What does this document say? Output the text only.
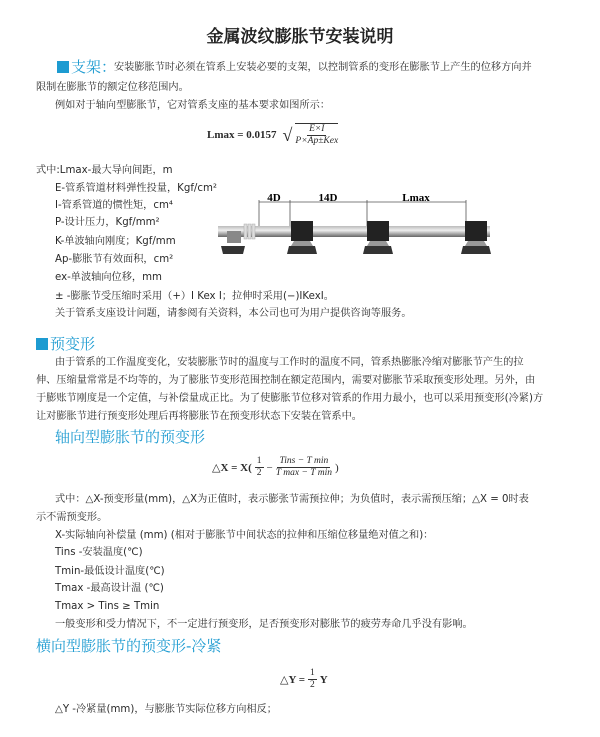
金属波纹膨胀节安装说明
支架：
安装膨胀节时必须在管系上安装必要的支架，以控制管系的变形在膨胀节上产生的位移方向并
限制在膨胀节的额定位移范围内。
例如对于轴向型膨胀节，它对管系支座的基本要求如图所示：
Lmax = 0.0157 √ $\frac{E\times I}{\text{P×Ap±Kex}}$
式中:Lmax-最大导向间距，m
E-管系管道材料弹性投量，Kgf/cm²
I-管系管道的惯性矩，cm⁴
P-设计压力，Kgf/mm²
K-单波轴向刚度；Kgf/mm
Ap-膨胀节有效面积，cm²
ex-单波轴向位移，mm
± -膨胀节受压缩时采用（+）I Kex I；拉伸时采用(−)IKexI。
关于管系支座设计问题，请参阅有关资料，本公司也可为用户提供咨询等服务。
4D	14D	Lmax
预变形
由于管系的工作温度变化，安装膨胀节时的温度与工作时的温度不同，管系热膨胀冷缩对膨胀节产生的拉
伸、压缩量常常是不均等的，为了膨胀节变形范围控制在额定范围内，需要对膨胀节采取预变形处理。另外，由
于膨账节刚度是一个定值，与补偿量成正比。为了使膨胀节位移对管系的作用力最小，也可以采用预变形(冷紧)方
让对膨胀节进行预变形处理后再将膨胀节在预变形状态下安装在管系中。
轴向型膨胀节的预变形
△X = $X( \frac{1}{2} - \frac{\text{Tins − T min}}{\text{T max − T min}}$ )
式中：△X-预变形量(mm)，△X为正值时，表示膨张节需预拉伸；为负值时，表示需预压缩；△X = 0时表
示不需预变形。
X-实际轴向补偿量 (mm) (相对于膨胀节中间状态的拉伸和压缩位移量绝对值之和)：
Tins -安装温度(℃)
Tmin-最低设计温度(℃)
Tmax -最高设计温 (℃)
Tmax > Tins ≥ Tmin
一般变形和受力情况下，不一定进行预变形，足否预变形对膨胀节的疲劳寿命几乎没有影响。
横向型膨胀节的预变形-冷紧
△Y = $\frac{1}{2}$ Y
△Y -冷紧量(mm)，与膨胀节实际位移方向相反；
